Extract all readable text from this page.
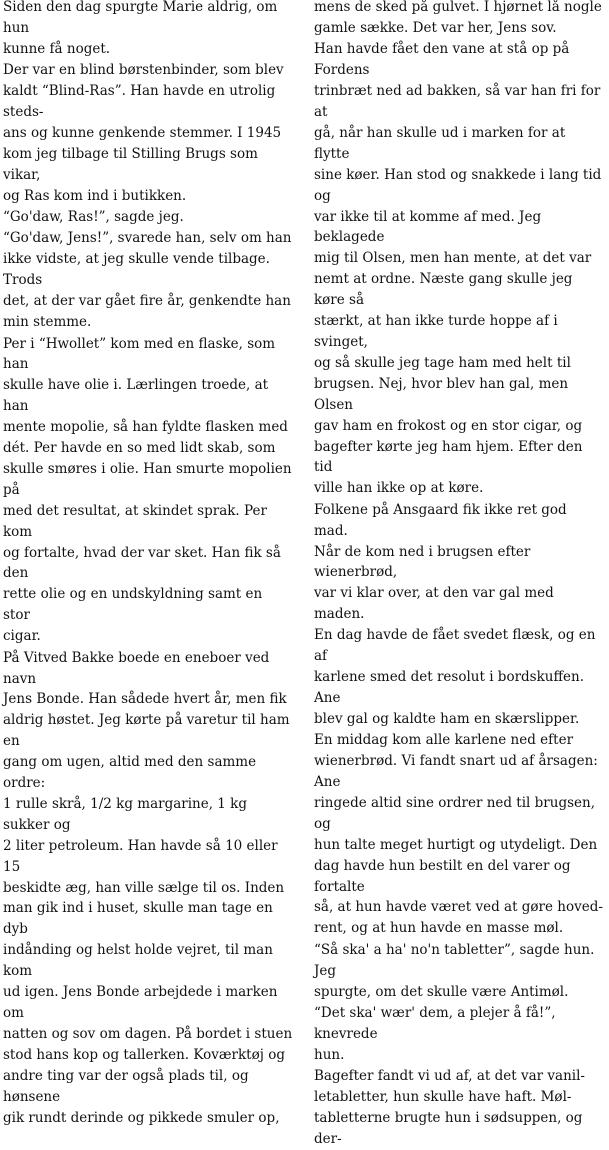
Siden den dag spurgte Marie aldrig, om hun
kunne få noget.

Der var en blind børstenbinder, som blev
kaldt “Blind-Ras”. Han havde en utrolig steds-
ans og kunne genkende stemmer. I 1945
kom jeg tilbage til Stilling Brugs som vikar,
og Ras kom ind i butikken.

“Go'daw, Ras!”, sagde jeg.

“Go'daw, Jens!”, svarede han, selv om han
ikke vidste, at jeg skulle vende tilbage. Trods
det, at der var gået fire år, genkendte han
min stemme.

Per i “Hwollet” kom med en flaske, som han
skulle have olie i. Lærlingen troede, at han
mente mopolie, så han fyldte flasken med
dét. Per havde en so med lidt skab, som
skulle smøres i olie. Han smurte mopolien på
med det resultat, at skindet sprak. Per kom
og fortalte, hvad der var sket. Han fik så den
rette olie og en undskyldning samt en stor
cigar.

På Vitved Bakke boede en eneboer ved navn
Jens Bonde. Han sådede hvert år, men fik
aldrig høstet. Jeg kørte på varetur til ham en
gang om ugen, altid med den samme ordre:
1 rulle skrå, 1/2 kg margarine, 1 kg sukker og
2 liter petroleum. Han havde så 10 eller 15
beskidte æg, han ville sælge til os. Inden
man gik ind i huset, skulle man tage en dyb
indånding og helst holde vejret, til man kom
ud igen. Jens Bonde arbejdede i marken om
natten og sov om dagen. På bordet i stuen
stod hans kop og tallerken. Koværktøj og
andre ting var der også plads til, og hønsene
gik rundt derinde og pikkede smuler op,

mens de sked på gulvet. I hjørnet lå nogle
gamle sække. Det var her, Jens sov.

Han havde fået den vane at stå op på Fordens
trinbræt ned ad bakken, så var han fri for at
gå, når han skulle ud i marken for at flytte
sine køer. Han stod og snakkede i lang tid og
var ikke til at komme af med. Jeg beklagede
mig til Olsen, men han mente, at det var
nemt at ordne. Næste gang skulle jeg køre så
stærkt, at han ikke turde hoppe af i svinget,
og så skulle jeg tage ham med helt til
brugsen. Nej, hvor blev han gal, men Olsen
gav ham en frokost og en stor cigar, og
bagefter kørte jeg ham hjem. Efter den tid
ville han ikke op at køre.

Folkene på Ansgaard fik ikke ret god mad.
Når de kom ned i brugsen efter wienerbrød,
var vi klar over, at den var gal med maden.
En dag havde de fået svedet flæsk, og en af
karlene smed det resolut i bordskuffen. Ane
blev gal og kaldte ham en skærslipper.

En middag kom alle karlene ned efter
wienerbrød. Vi fandt snart ud af årsagen: Ane
ringede altid sine ordrer ned til brugsen, og
hun talte meget hurtigt og utydeligt. Den
dag havde hun bestilt en del varer og fortalte
så, at hun havde været ved at gøre hoved-
rent, og at hun havde en masse møl.

“Så ska' a ha' no'n tabletter”, sagde hun. Jeg
spurgte, om det skulle være Antimøl.

“Det ska' wær' dem, a plejer å få!”, knevrede
hun.

Bagefter fandt vi ud af, at det var vanil-
letabletter, hun skulle have haft. Møl-
tabletterne brugte hun i sødsuppen, og der-
